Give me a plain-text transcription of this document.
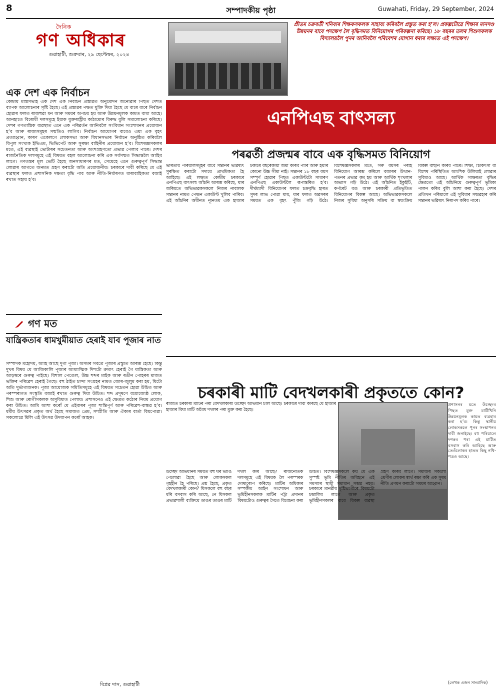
8	সম্পাদকীয় পৃষ্ঠা	Guwahati, Friday, 29 September, 2024
দৈনিক
গণ অধিকাৰ
গুৱাহাটী, শুক্রবাৰ, ২৯ ছেপ্টেম্বৰ, ২০২৪
প্ৰীতম চক্রবর্তী শনিবাৰ শিক্ষকসকলক সাহায্য কৰিবলৈ প্ৰস্তুত কৰা হ’ল। প্রকল্পটোৱে শিক্ষাৰ মানদণ্ড উন্নয়নৰ বাবে পদক্ষেপ লৈ বৃদ্ধিসমত বিনিয়োগৰ পৰিকল্পনা কৰিছে। ১৮ বছৰৰ তলৰ শিশুসকলক বিদ্যালয়লৈ পুনৰ আনিবলৈ পৰিবেশৰ যোগান ধৰাৰ লক্ষ্যত এই পদক্ষেপ।
এক দেশ এক নিৰ্বাচন
কেন্দ্ৰীয় মন্ত্ৰিসভাই এক দেশ এক নিৰ্বাচন প্ৰস্তাৱত অনুমোদন জনোৱাৰ পিছত দেশত ব্যাপক আলোচনাৰ সৃষ্টি হৈছে। এই প্ৰস্তাৱৰ পক্ষত যুক্তি দিয়া হৈছে যে বাৰে বাৰে নিৰ্বাচন হোৱাৰ ফলত ৰাজহুৱা ধন আৰু সময়ৰ অপচয় হয় আৰু উন্নয়নমূলক কামত বাধা আহে। আনহাতে বিৰোধী দলসমূহে ইয়াক যুক্তৰাষ্ট্ৰীয় কাঠামোৰ বিৰুদ্ধ বুলি সমালোচনা কৰিছে। দেশৰ গণতান্ত্ৰিক ব্যৱস্থাত এনে এক পৰিৱৰ্তন আনিবলৈ সংবিধান সংশোধনৰ প্ৰয়োজন হ’ব আৰু ৰাজ্যসমূহৰ সন্মতিও লাগিব। নিৰ্বাচন আয়োগৰ বাবেও এয়া এক বৃহৎ প্ৰত্যাহ্বান, কাৰণ একেলগে লোকসভা আৰু বিধানসভাৰ নিৰ্বাচন অনুষ্ঠিত কৰিবলৈ বিপুল সংখ্যক ইভিএম, ভিভিপেট আৰু সুৰক্ষা বাহিনীৰ প্ৰয়োজন হ’ব। বিশেষজ্ঞসকলৰ মতে, এই ব্যৱস্থাই ভোটাৰৰ সচেতনতা আৰু অংশগ্ৰহণতো প্ৰভাৱ পেলাব পাৰে। দেশৰ ৰাজনৈতিক দলসমূহে এই বিষয়ত বহল আলোচনা কৰি এক সৰ্বসন্মত সিদ্ধান্তলৈ আহিব লাগে। গণতন্ত্ৰৰ মূল ভেটি হৈছে জনসাধাৰণৰ মত, সেয়েহে এনে গুৰুত্বপূৰ্ণ সিদ্ধান্ত লোৱাৰ আগতে জনমত গ্ৰহণ কৰাটো অতি প্ৰয়োজনীয়। চৰকাৰে দাবী কৰিছে যে এই ব্যৱস্থাৰ ফলত প্ৰশাসনিক দক্ষতা বৃদ্ধি পাব আৰু নীতি-নিৰ্ধাৰণত ধাৰাবাহিকতা বজাই ৰখাত সহায় হ’ব।
এনপিএছ বাৎসল্য
পৰৱৰ্তী প্ৰজন্মৰ বাবে এক বৃদ্ধিসমত বিনিয়োগ
ভাৰতীয় পৰিয়ালসমূহৰ বাবে সন্তানৰ ভৱিষ্যৎ সুৰক্ষিত কৰাটো সদায়ে প্ৰাথমিকতা হৈ আহিছে। এই লক্ষ্যত কেন্দ্ৰীয় চৰকাৰে এনপিএছ বাৎসল্য আঁচনি আৰম্ভ কৰিছে, যাৰ জৰিয়তে অভিভাৱকসকলে নিজৰ নাবালক সন্তানৰ নামত পেঞ্চন একাউণ্ট খুলিব পাৰিব। এই আঁচনিৰ অধীনত ন্যূনতম এক হাজাৰ টকাৰে বছৰেকীয়া জমা কৰিব পাৰি আৰু ইয়াৰ কোনো উচ্চ সীমা নাই। সন্তানৰ ১৮ বছৰ বয়স সম্পূৰ্ণ হোৱাৰ পিছত একাউণ্টটো সাধাৰণ এনপিএছ একাউণ্টলৈ ৰূপান্তৰিত হ’ব। দীৰ্ঘম্যাদী বিনিয়োগৰ ফলত চক্ৰবৃদ্ধি হাৰত সুদৰ লাভ পোৱা যায়, যাৰ ফলত অৱসৰৰ সময়ত এক বৃহৎ পুঁজি গঢ়ি উঠে। বিশেষজ্ঞসকলৰ মতে, সৰু বয়সৰ পৰাই বিনিয়োগ আৰম্ভ কৰিলে বজাৰৰ উত্থান-পতনৰ প্ৰভাৱ কম হয় আৰু আৰ্থিক শৃংখলাৰ অভ্যাস গঢ়ি উঠে। এই আঁচনিত ইকুইটি, কৰ্পৰেট বণ্ড আৰু চৰকাৰী প্ৰতিভূতিত বিনিয়োগৰ বিকল্প আছে। অভিভাৱকসকলে নিজৰ সুবিধা অনুসৰি সক্ৰিয় বা স্বয়ংক্ৰিয় বিকল্প বাছনি কৰিব পাৰে। শিক্ষা, চিকিৎসা বা বিশেষ পৰিস্থিতিত আংশিক উলিয়াই লোৱাৰ সুবিধাও আছে। আৰ্থিক সাক্ষৰতা বৃদ্ধিৰ ক্ষেত্ৰতো এই আঁচনিয়ে গুৰুত্বপূৰ্ণ ভূমিকা পালন কৰিব বুলি আশা কৰা হৈছে। দেশৰ প্ৰতিখন পৰিয়ালে এই সুবিধাৰ সদ্ব্যৱহাৰ কৰি সন্তানৰ ভৱিষ্যৎ নিৰাপদ কৰিব পাৰে।
গণ মত
যান্ত্ৰিকতাৰ ধামখুমীয়াত হেৰাই যাব পূজাৰ নাত
সম্পাদক মহোদয়, আহি আছে দুৰ্গা পূজা। অসমৰ সৰ্বত্ৰে পূজাৰ প্ৰস্তুতি আৰম্ভ হৈছে। কিন্তু দুখৰ বিষয় যে আজিকালি পূজাৰ আধ্যাত্মিক দিশটো ক্ৰমাৎ হেৰাই গৈ যান্ত্ৰিকতা আৰু আড়ম্বৰে গুৰুত্ব পাইছে। বিশাল পেণ্ডেল, উচ্চ শব্দৰ মাইক আৰু ৰঙীন পোহৰৰ মাজত ভক্তিৰ পৰিৱেশ হেৰাই গৈছে। বহু ঠাইত চান্দা সংগ্ৰহৰ নামত জোৰ-জুলুম কৰা হয়, যিটো অতি দুৰ্ভাগ্যজনক। পূজা আয়োজক সমিতিসমূহে এই বিষয়ত সচেতন হোৱা উচিত আৰু পৰম্পৰাগত সংস্কৃতি বজাই ৰখাত গুৰুত্ব দিয়া উচিত। শব্দ প্ৰদূষণে বয়োজ্যেষ্ঠ লোক, শিশু আৰু ৰোগীসকলক অসুবিধাত পেলায়। প্ৰশাসনেও এই ক্ষেত্ৰত কঠোৰ নিয়ম প্ৰয়োগ কৰা উচিত। আমি আশা কৰোঁ যে এইবাৰৰ পূজা শান্তিপূৰ্ণ আৰু পৰিৱেশ-বান্ধৱ হ’ব। ধৰ্মীয় উৎসৱৰ প্ৰকৃত অৰ্থ হৈছে সমাজত প্ৰেম, সম্প্ৰীতি আৰু ঐক্যৰ বাৰ্তা বিয়পোৱা। সকলোৱে মিলি এই উৎসৱ উদযাপন কৰোঁ আহক।
বিপ্লৱ দাস, গুৱাহাটী
চৰকাৰী মাটি বেদখলকাৰী প্ৰকৃততে কোন?
ৰাজ্যত চৰকাৰী মাটিৰ পৰা বেদখলকাৰী উচ্ছেদ অভিযান চলি আছে। চৰকাৰে দাবী কৰিছে যে হাজাৰ হাজাৰ বিঘা মাটি অবৈধ দখলৰ পৰা মুক্ত কৰা হৈছে।
প্ৰশাসনৰ মতে উচ্ছেদৰ পিছত মুক্ত মাটিখিনি উন্নয়নমূলক কামত ব্যৱহাৰ কৰা হ’ব। কিন্তু স্থানীয় লোকসকলে পুনৰ সংস্থাপনৰ দাবী জনাইছে। বহু পৰিয়ালে দশকৰ পৰা এই মাটিত বসবাস কৰি আহিছে আৰু তেওঁলোকৰ হাতত কিছু নথি-পত্ৰও আছে।
উচ্ছেদ অভিযানৰ সময়ত বহু ঘৰ ভাঙি পেলোৱা হৈছে আৰু লোকসকল গৃহহীন হৈ পৰিছে। প্ৰশ্ন হৈছে, প্ৰকৃত বেদখলকাৰী কোন? যিসকলে বহু বছৰ ধৰি বসবাস কৰি আছে, নে যিসকল প্ৰভাৱশালী ব্যক্তিয়ে ডাঙৰ ডাঙৰ মাটি দখল কৰি আছে? ৰাজনৈতিক দলসমূহে এই বিষয়ক লৈ পৰস্পৰক দোষাৰোপ কৰিছে। মাটিৰ অধিকাৰ সম্পৰ্কীয় আইন সংশোধন আৰু ভূমিহীনসকলক মাটিৰ পট্টা প্ৰদানৰ বিষয়টোও গুৰুত্বৰ সৈতে বিবেচনা কৰা উচিত। বিশেষজ্ঞসকলে কয় যে এক সুস্পষ্ট ভূমি নীতিৰ অবিহনে এই সমস্যাৰ স্থায়ী সমাধান সম্ভৱ নহয়। চৰকাৰে মানৱীয় দৃষ্টিভংগীৰে বিষয়টো চম্ভালিব লাগে আৰু প্ৰকৃত ভূমিহীনসকলৰ বাবে বিকল্প ব্যৱস্থা গ্ৰহণ কৰিব লাগে। সমাজৰ সকলো শ্ৰেণীৰ লোকৰ স্বাৰ্থ ৰক্ষা কৰি এক সুষম নীতি প্ৰণয়ন কৰাটো সময়ৰ আহ্বান।
(লেখক এজন সাংবাদিক)
